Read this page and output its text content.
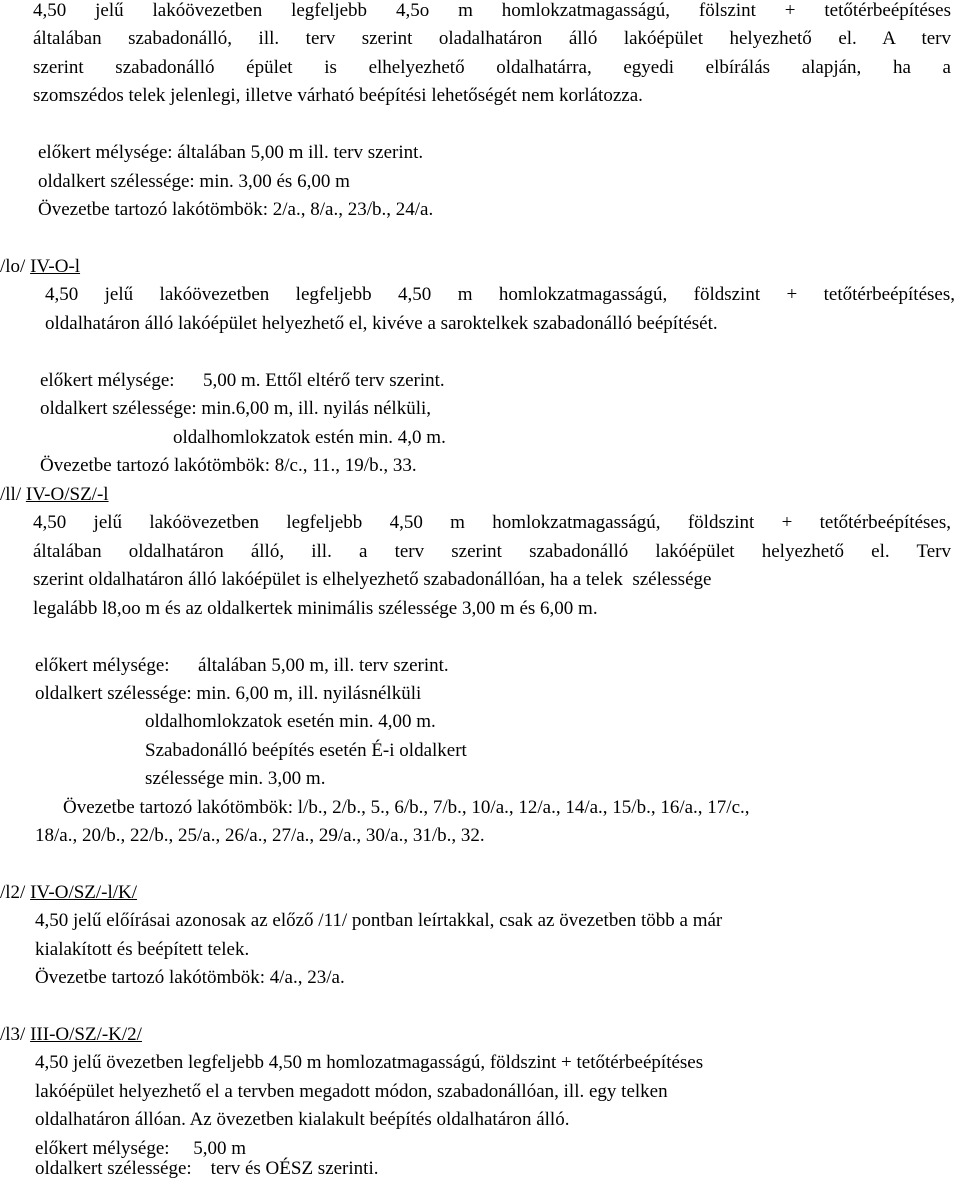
4,50 jelű lakóövezetben legfeljebb 4,5o m homlokzatmagasságú, fölszint + tetőtérbeépítéses
általában szabadonálló, ill. terv szerint oladalhatáron álló lakóépület helyezhető el. A terv
szerint szabadonálló épület is elhelyezhető oldalhatárra, egyedi elbírálás alapján, ha a
szomszédos telek jelenlegi, illetve várható beépítési lehetőségét nem korlátozza.
előkert mélysége: általában 5,00 m ill. terv szerint.
oldalkert szélessége: min. 3,00 és 6,00 m
Övezetbe tartozó lakótömbök: 2/a., 8/a., 23/b., 24/a.
/lo/ IV-O-l
4,50 jelű lakóövezetben legfeljebb 4,50 m homlokzatmagasságú, földszint + tetőtérbeépítéses,
oldalhatáron álló lakóépület helyezhető el, kivéve a saroktelkek szabadonálló beépítését.
előkert mélysége:      5,00 m. Ettől eltérő terv szerint.
oldalkert szélessége: min.6,00 m, ill. nyilás nélküli,
oldalhomlokzatok estén min. 4,0 m.
Övezetbe tartozó lakótömbök: 8/c., 11., 19/b., 33.
/ll/ IV-O/SZ/-l
4,50 jelű lakóövezetben legfeljebb 4,50 m homlokzatmagasságú, földszint + tetőtérbeépítéses,
általában oldalhatáron álló, ill. a terv szerint szabadonálló lakóépület helyezhető el. Terv
szerint oldalhatáron álló lakóépület is elhelyezhető szabadonállóan, ha a telek  szélessége
legalább l8,oo m és az oldalkertek minimális szélessége 3,00 m és 6,00 m.
előkert mélysége:      általában 5,00 m, ill. terv szerint.
oldalkert szélessége: min. 6,00 m, ill. nyilásnélküli
oldalhomlokzatok esetén min. 4,00 m.
Szabadonálló beépítés esetén É-i oldalkert
szélessége min. 3,00 m.
Övezetbe tartozó lakótömbök: l/b., 2/b., 5., 6/b., 7/b., 10/a., 12/a., 14/a., 15/b., 16/a., 17/c.,
18/a., 20/b., 22/b., 25/a., 26/a., 27/a., 29/a., 30/a., 31/b., 32.
/l2/ IV-O/SZ/-l/K/
4,50 jelű előírásai azonosak az előző /11/ pontban leírtakkal, csak az övezetben több a már
kialakított és beépített telek.
Övezetbe tartozó lakótömbök: 4/a., 23/a.
/l3/ III-O/SZ/-K/2/
4,50 jelű övezetben legfeljebb 4,50 m homlozatmagasságú, földszint + tetőtérbeépítéses
lakóépület helyezhető el a tervben megadott módon, szabadonállóan, ill. egy telken
oldalhatáron állóan. Az övezetben kialakult beépítés oldalhatáron álló.
előkert mélysége:     5,00 m
oldalkert szélessége:    terv és OÉSZ szerinti.
